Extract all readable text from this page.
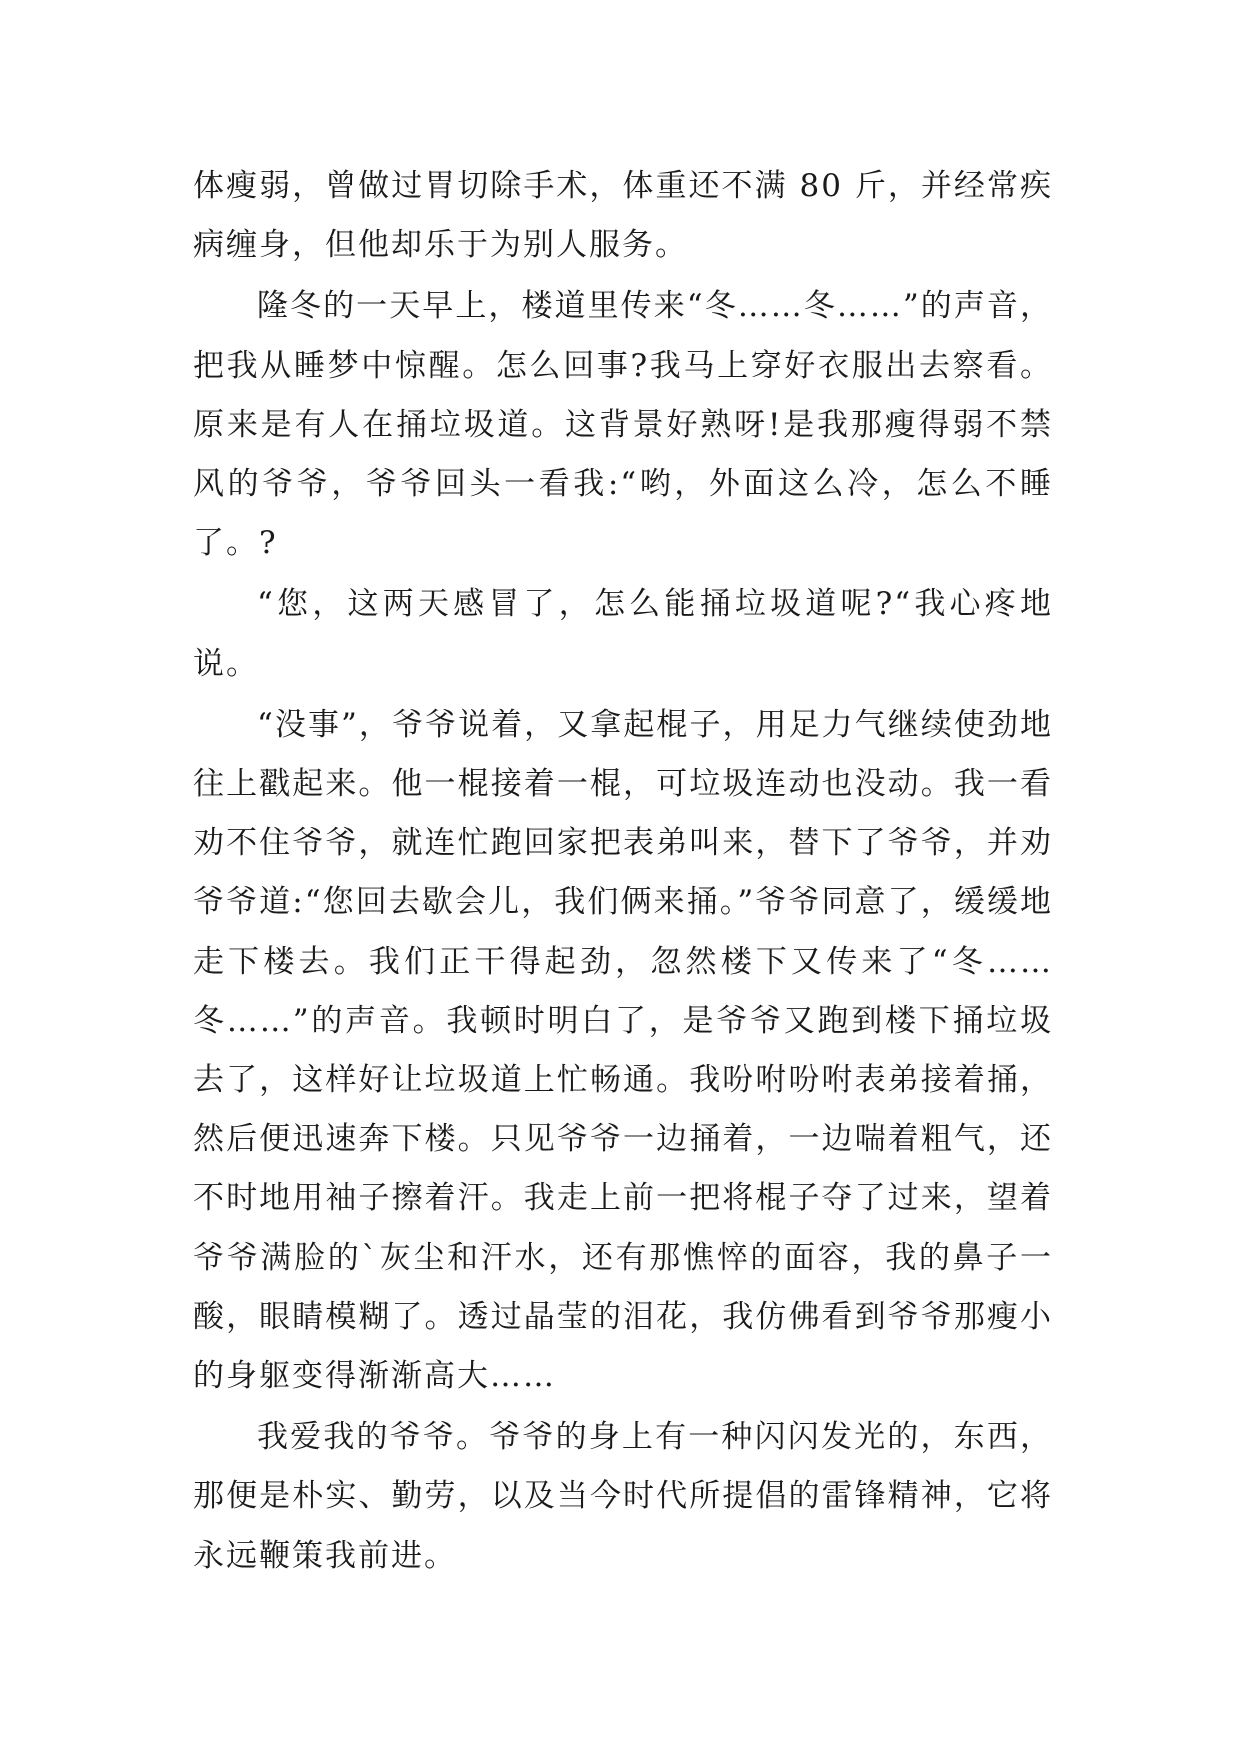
体瘦弱，曾做过胃切除手术，体重还不满 80 斤，并经常疾病缠身，但他却乐于为别人服务。

隆冬的一天早上，楼道里传来“冬……冬……”的声音，把我从睡梦中惊醒。怎么回事?我马上穿好衣服出去察看。原来是有人在捅垃圾道。这背景好熟呀!是我那瘦得弱不禁风的爷爷，爷爷回头一看我:“哟，外面这么冷，怎么不睡了。?

“您，这两天感冒了，怎么能捅垃圾道呢?“我心疼地说。

“没事”，爷爷说着，又拿起棍子，用足力气继续使劲地往上戳起来。他一棍接着一棍，可垃圾连动也没动。我一看劝不住爷爷，就连忙跑回家把表弟叫来，替下了爷爷，并劝爷爷道:“您回去歇会儿，我们俩来捅。”爷爷同意了，缓缓地走下楼去。我们正干得起劲，忽然楼下又传来了“冬……冬……”的声音。我顿时明白了，是爷爷又跑到楼下捅垃圾去了，这样好让垃圾道上忙畅通。我吩咐吩咐表弟接着捅，然后便迅速奔下楼。只见爷爷一边捅着，一边喘着粗气，还不时地用袖子擦着汗。我走上前一把将棍子夺了过来，望着爷爷满脸的`灰尘和汗水，还有那憔悴的面容，我的鼻子一酸，眼睛模糊了。透过晶莹的泪花，我仿佛看到爷爷那瘦小的身躯变得渐渐高大……

我爱我的爷爷。爷爷的身上有一种闪闪发光的，东西，那便是朴实、勤劳，以及当今时代所提倡的雷锋精神，它将永远鞭策我前进。
